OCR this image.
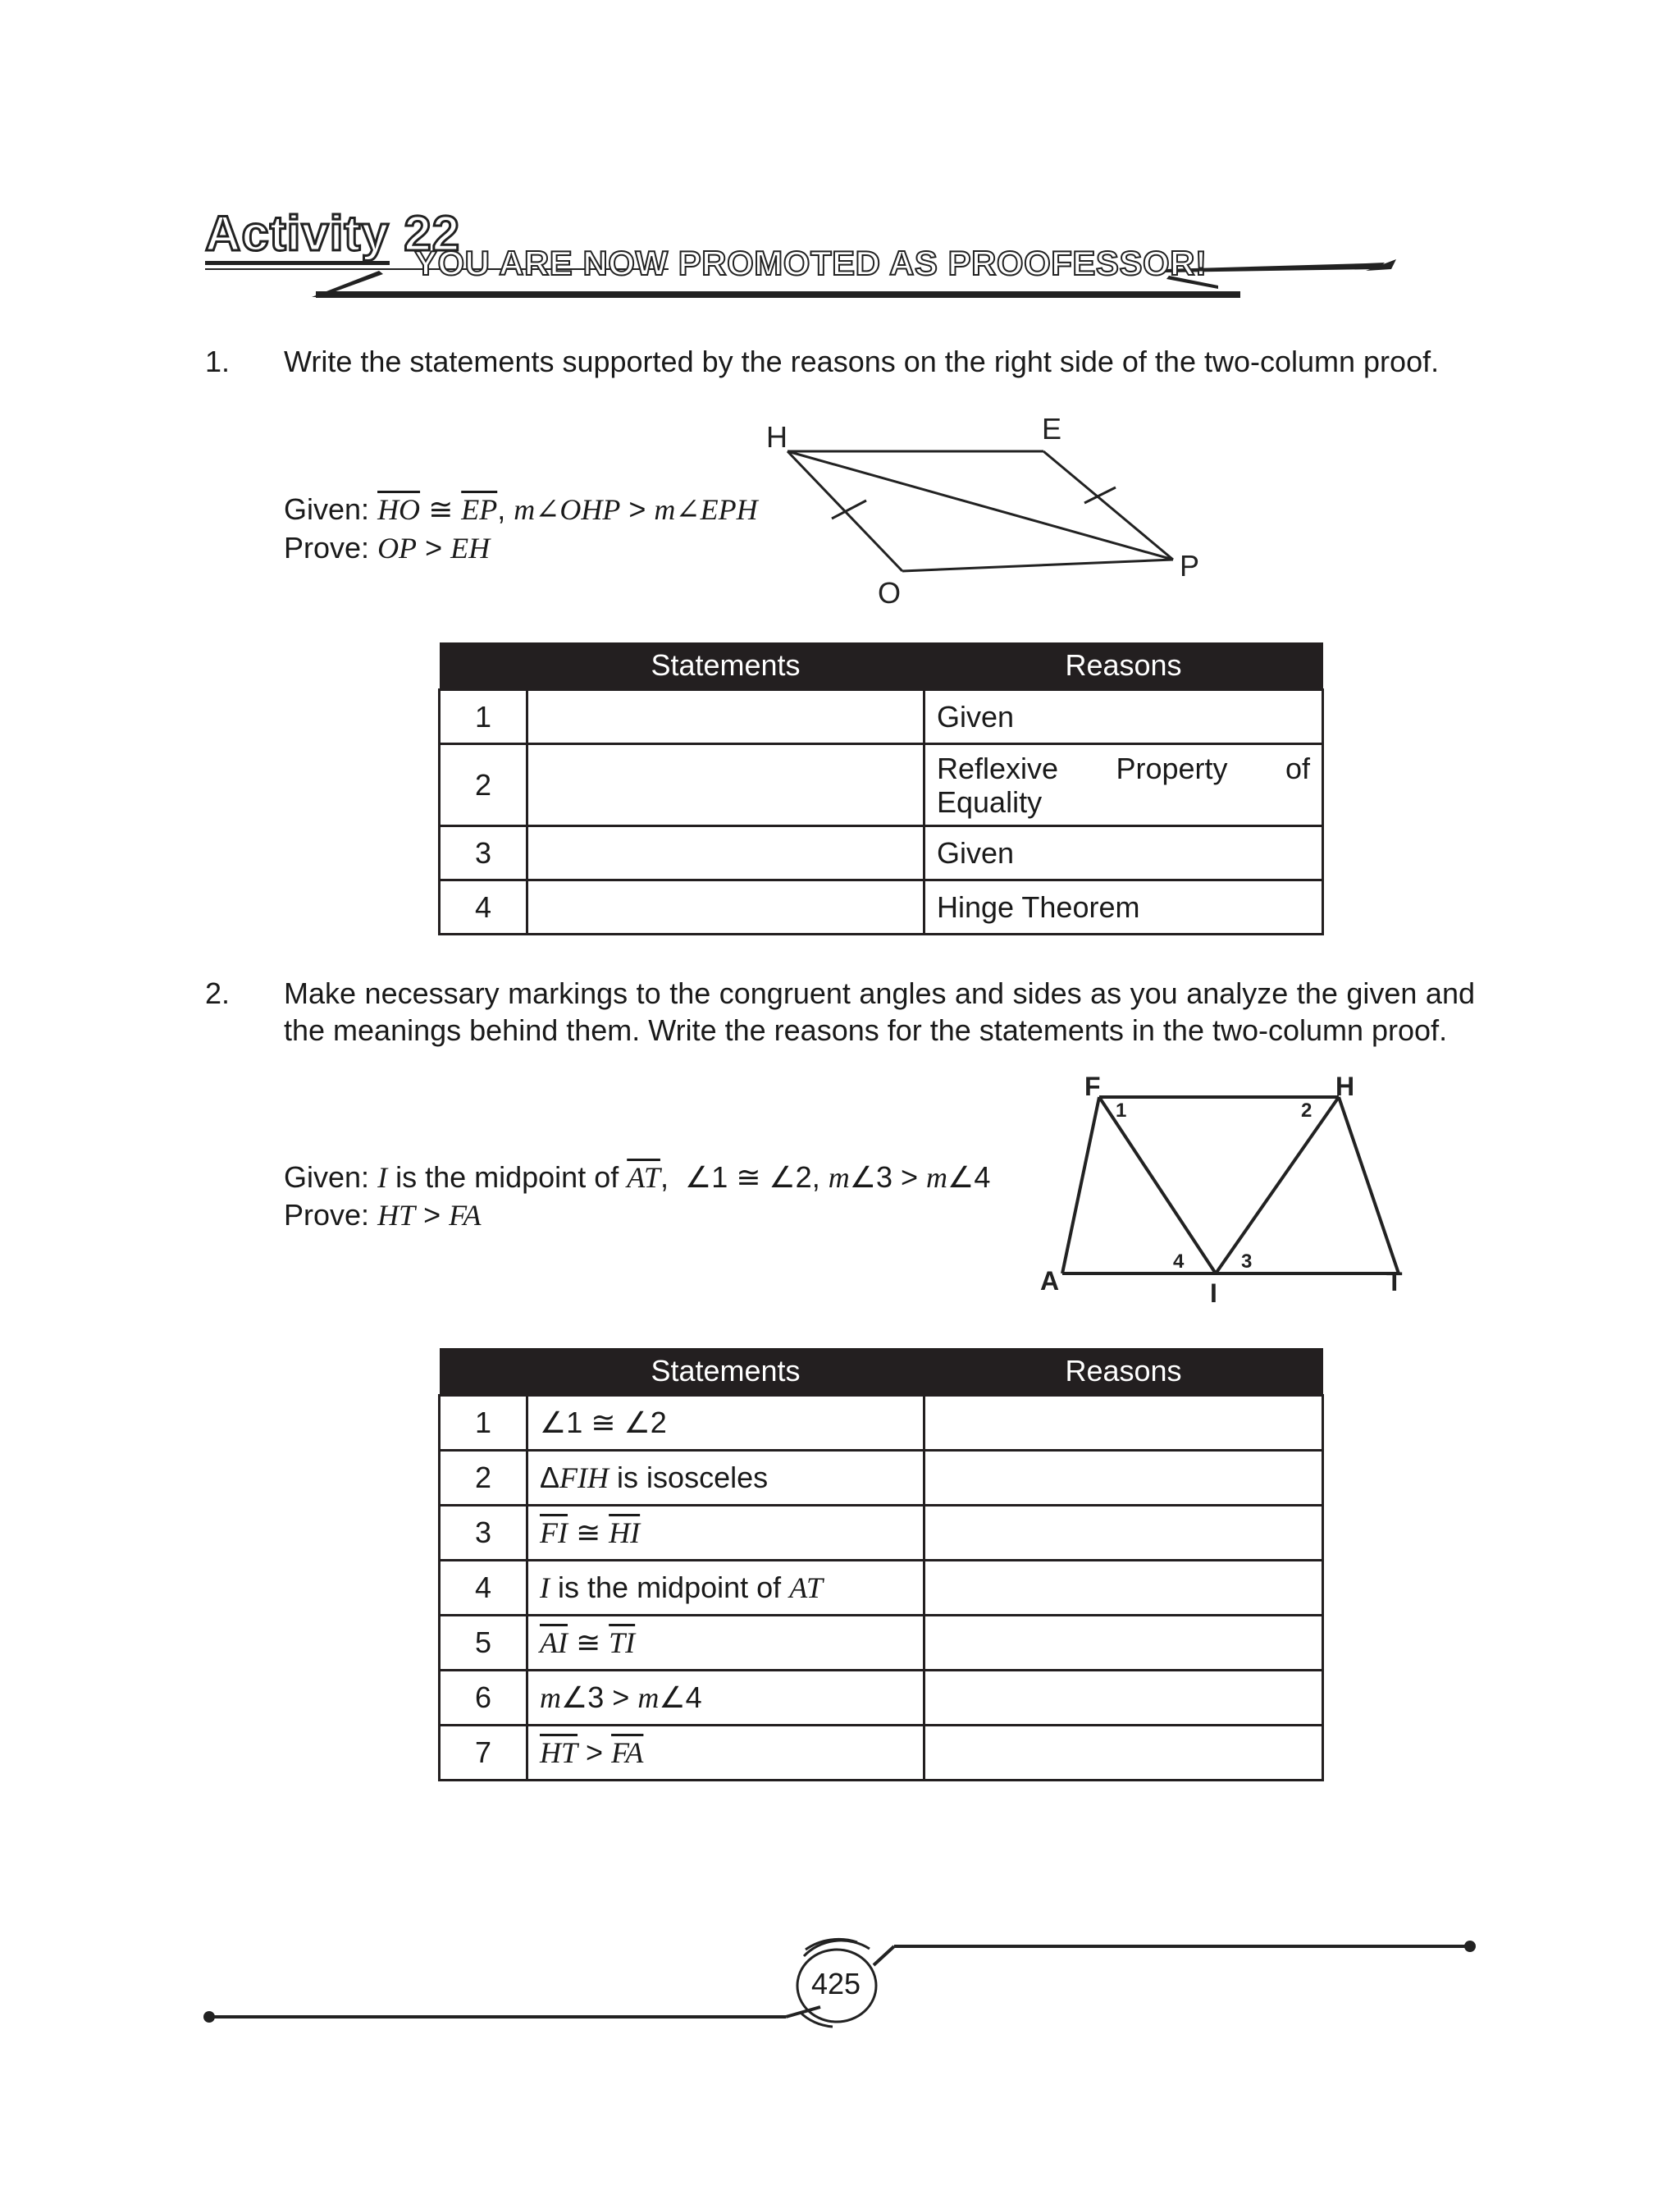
Activity 22
YOU ARE NOW PROMOTED AS PROOFESSOR!
1. Write the statements supported by the reasons on the right side of the two-column proof.
Given: $\overline{HO}$ ≅ $\overline{EP}$, m∠OHP > m∠EPH
Prove: OP > EH
H	E
P
O
	Statements	Reasons
1		Given
2		Reflexive Property of
Equality

3		Given
4		Hinge Theorem
2. Make necessary markings to the congruent angles and sides as you analyze the given and the meanings behind them. Write the reasons for the statements in the two-column proof.
Given: I is the midpoint of $\overline{AT}$,  ∠1 ≅ ∠2, m∠3 > m∠4
Prove: HT > FA
F	H
A	I	T
1	2
3
4
	Statements	Reasons
1	∠1 ≅ ∠2	
2	ΔFIH is isosceles	
3	$\overline{FI}$ ≅ $\overline{HI}$	
4	I is the midpoint of AT	
5	$\overline{AI}$ ≅ $\overline{TI}$	
6	m∠3 > m∠4	
7	$\overline{HT} > \overline{FA}$	
425
